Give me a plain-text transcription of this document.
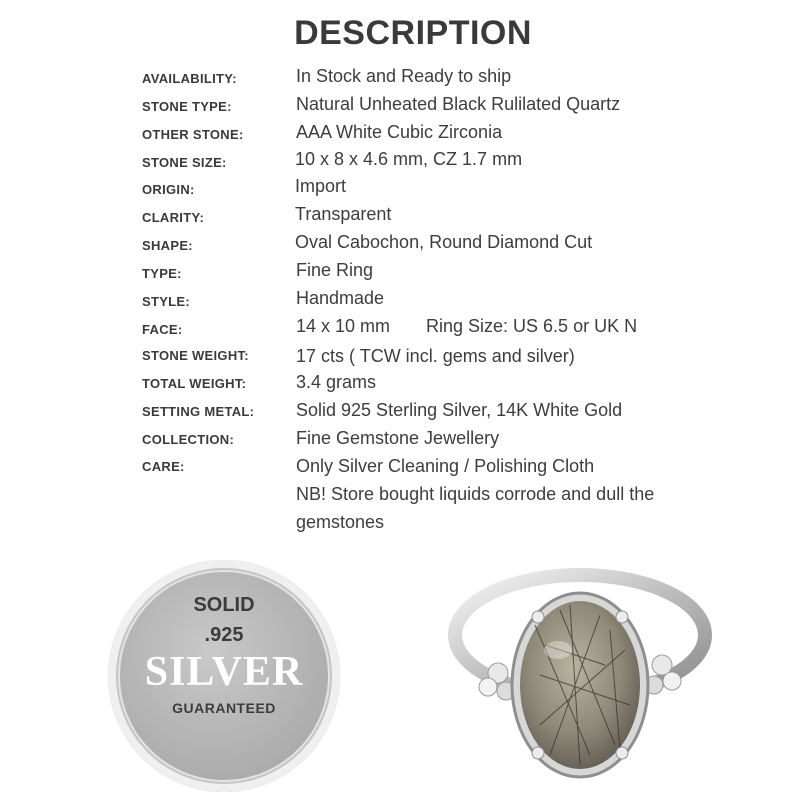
DESCRIPTION
AVAILABILITY:	In Stock and Ready to ship
STONE TYPE:	Natural Unheated Black Rulilated Quartz
OTHER STONE:	AAA White Cubic Zirconia
STONE SIZE:	10 x 8 x 4.6 mm, CZ 1.7 mm
ORIGIN:	Import
CLARITY:	Transparent
SHAPE:	Oval Cabochon, Round Diamond Cut
TYPE:	Fine Ring
STYLE:	Handmade
FACE:	14 x 10 mm Ring Size: US 6.5 or UK N
STONE WEIGHT:	17 cts ( TCW incl. gems and silver)
TOTAL WEIGHT:	3.4 grams
SETTING METAL: Solid 925 Sterling Silver, 14K White Gold
COLLECTION:	Fine Gemstone Jewellery
CARE:	Only Silver Cleaning / Polishing Cloth
NB! Store bought liquids corrode and dull the gemstones
SOLID
.925
SILVER
GUARANTEED
